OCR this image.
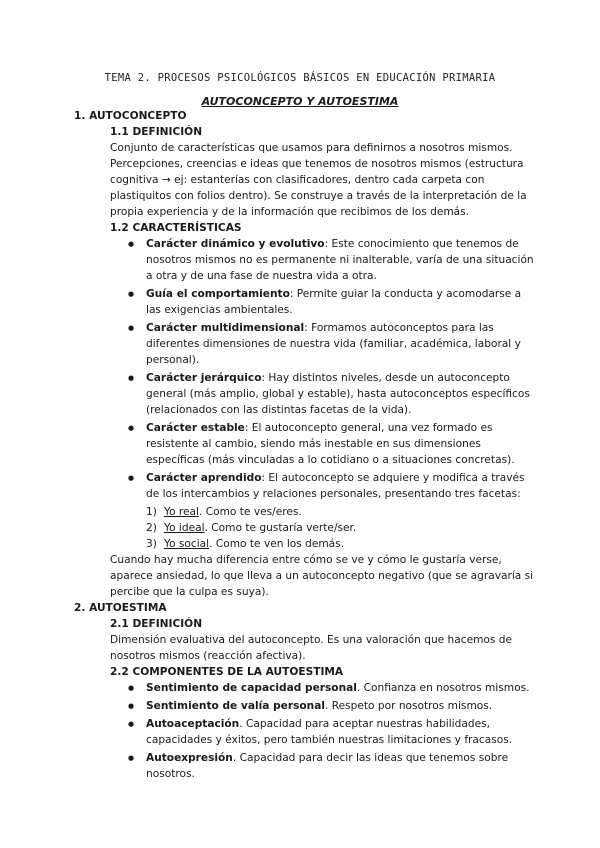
TEMA 2. PROCESOS PSICOLÓGICOS BÁSICOS EN EDUCACIÓN PRIMARIA
AUTOCONCEPTO Y AUTOESTIMA

1. AUTOCONCEPTO

1.1 DEFINICIÓN

Conjunto de características que usamos para definirnos a nosotros mismos. Percepciones, creencias e ideas que tenemos de nosotros mismos (estructura cognitiva → ej: estanterías con clasificadores, dentro cada carpeta con plastiquitos con folios dentro). Se construye a través de la interpretación de la propia experiencia y de la información que recibimos de los demás.

1.2 CARACTERÍSTICAS

● Carácter dinámico y evolutivo: Este conocimiento que tenemos de nosotros mismos no es permanente ni inalterable, varía de una situación a otra y de una fase de nuestra vida a otra.
● Guía el comportamiento: Permite guiar la conducta y acomodarse a las exigencias ambientales.
● Carácter multidimensional: Formamos autoconceptos para las diferentes dimensiones de nuestra vida (familiar, académica, laboral y personal).
● Carácter jerárquico: Hay distintos niveles, desde un autoconcepto general (más amplio, global y estable), hasta autoconceptos específicos (relacionados con las distintas facetas de la vida).
● Carácter estable: El autoconcepto general, una vez formado es resistente al cambio, siendo más inestable en sus dimensiones específicas (más vinculadas a lo cotidiano o a situaciones concretas).
● Carácter aprendido: El autoconcepto se adquiere y modifica a través de los intercambios y relaciones personales, presentando tres facetas:
1) Yo real. Como te ves/eres.
2) Yo ideal. Como te gustaría verte/ser.
3) Yo social. Como te ven los demás.

Cuando hay mucha diferencia entre cómo se ve y cómo le gustaría verse, aparece ansiedad, lo que lleva a un autoconcepto negativo (que se agravaría si percibe que la culpa es suya).

2. AUTOESTIMA

2.1 DEFINICIÓN

Dimensión evaluativa del autoconcepto. Es una valoración que hacemos de nosotros mismos (reacción afectiva).

2.2 COMPONENTES DE LA AUTOESTIMA

● Sentimiento de capacidad personal. Confianza en nosotros mismos.
● Sentimiento de valía personal. Respeto por nosotros mismos.
● Autoaceptación. Capacidad para aceptar nuestras habilidades, capacidades y éxitos, pero también nuestras limitaciones y fracasos.
● Autoexpresión. Capacidad para decir las ideas que tenemos sobre nosotros.
